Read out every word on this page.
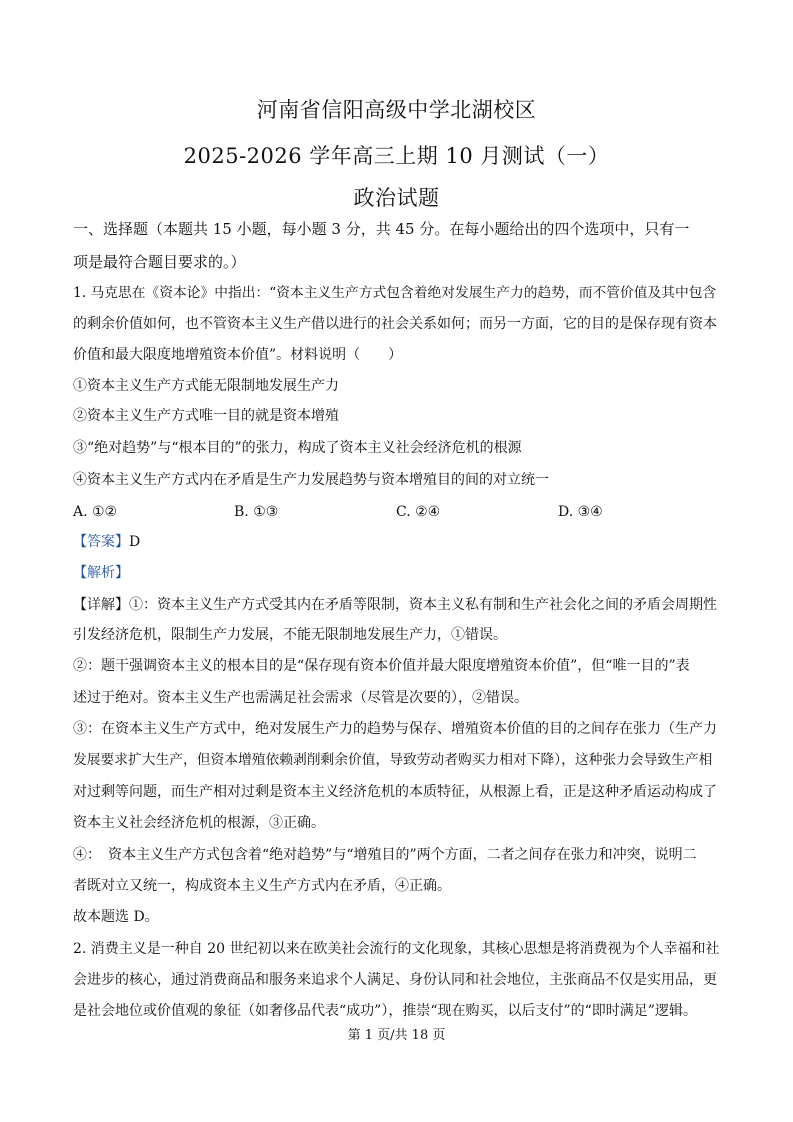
河南省信阳高级中学北湖校区
2025-2026 学年高三上期 10 月测试（一）
政治试题
一、选择题（本题共 15 小题，每小题 3 分，共 45 分。在每小题给出的四个选项中，只有一
项是最符合题目要求的。）
1. 马克思在《资本论》中指出：“资本主义生产方式包含着绝对发展生产力的趋势，而不管价值及其中包含
的剩余价值如何，也不管资本主义生产借以进行的社会关系如何；而另一方面，它的目的是保存现有资本
价值和最大限度地增殖资本价值”。材料说明（　　）
①资本主义生产方式能无限制地发展生产力
②资本主义生产方式唯一目的就是资本增殖
③“绝对趋势”与“根本目的”的张力，构成了资本主义社会经济危机的根源
④资本主义生产方式内在矛盾是生产力发展趋势与资本增殖目的间的对立统一
A. ①②	B. ①③	C. ②④	D. ③④
【答案】D
【解析】
【详解】①：资本主义生产方式受其内在矛盾等限制，资本主义私有制和生产社会化之间的矛盾会周期性
引发经济危机，限制生产力发展，不能无限制地发展生产力，①错误。
②：题干强调资本主义的根本目的是“保存现有资本价值并最大限度增殖资本价值”，但“唯一目的”表
述过于绝对。资本主义生产也需满足社会需求（尽管是次要的），②错误。
③：在资本主义生产方式中，绝对发展生产力的趋势与保存、增殖资本价值的目的之间存在张力（生产力
发展要求扩大生产，但资本增殖依赖剥削剩余价值，导致劳动者购买力相对下降），这种张力会导致生产相
对过剩等问题，而生产相对过剩是资本主义经济危机的本质特征，从根源上看，正是这种矛盾运动构成了
资本主义社会经济危机的根源，③正确。
④：　资本主义生产方式包含着“绝对趋势”与“增殖目的”两个方面，二者之间存在张力和冲突，说明二
者既对立又统一，构成资本主义生产方式内在矛盾，④正确。
故本题选 D。
2. 消费主义是一种自 20 世纪初以来在欧美社会流行的文化现象，其核心思想是将消费视为个人幸福和社
会进步的核心，通过消费商品和服务来追求个人满足、身份认同和社会地位，主张商品不仅是实用品，更
是社会地位或价值观的象征（如奢侈品代表“成功”），推崇“现在购买，以后支付”的“即时满足”逻辑。
第 1 页/共 18 页
